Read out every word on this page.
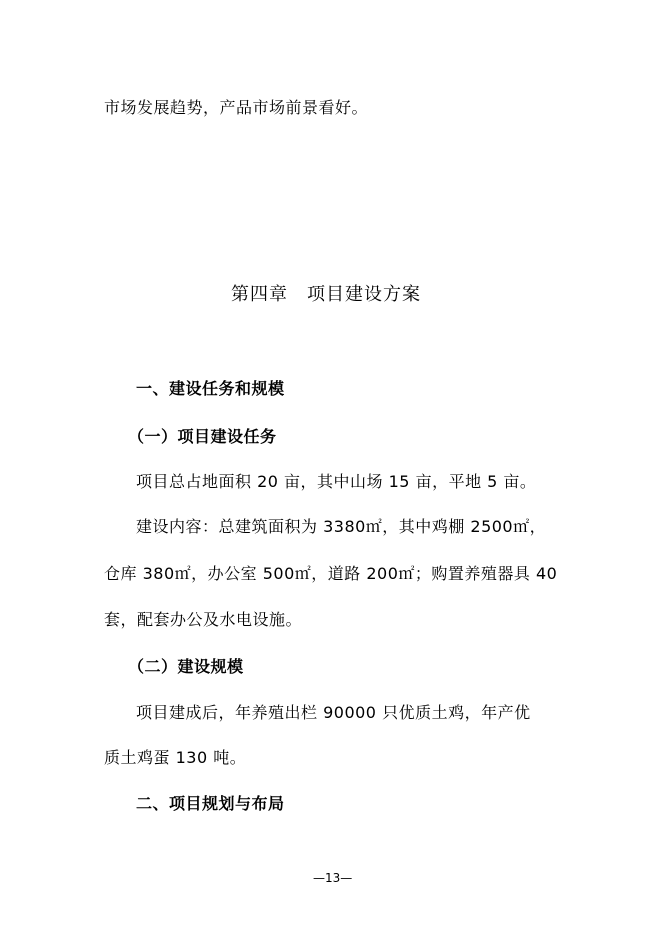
市场发展趋势，产品市场前景看好。
第四章　项目建设方案
一、建设任务和规模
（一）项目建设任务
项目总占地面积 20 亩，其中山场 15 亩，平地 5 亩。
建设内容：总建筑面积为 3380㎡，其中鸡棚 2500㎡，
仓库 380㎡，办公室 500㎡，道路 200㎡；购置养殖器具 40
套，配套办公及水电设施。
（二）建设规模
项目建成后，年养殖出栏 90000 只优质土鸡，年产优
质土鸡蛋 130 吨。
二、项目规划与布局
—13—
